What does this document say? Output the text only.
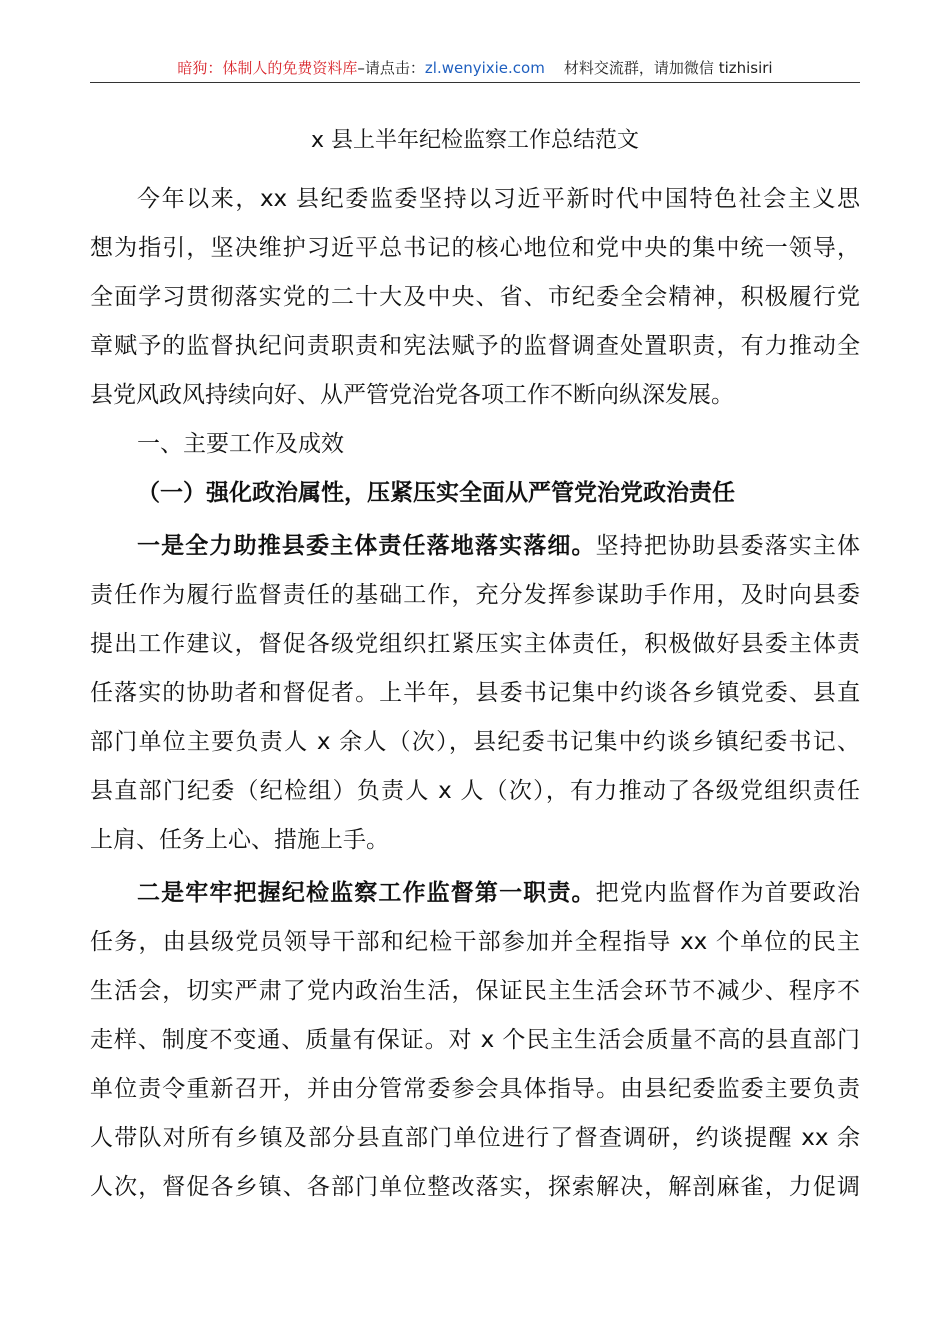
暗狗：体制人的免费资料库–请点击：zl.wenyixie.com 材料交流群，请加微信 tizhisiri
x 县上半年纪检监察工作总结范文
今年以来，xx 县纪委监委坚持以习近平新时代中国特色社会主义思
想为指引，坚决维护习近平总书记的核心地位和党中央的集中统一领导，
全面学习贯彻落实党的二十大及中央、省、市纪委全会精神，积极履行党
章赋予的监督执纪问责职责和宪法赋予的监督调查处置职责，有力推动全
县党风政风持续向好、从严管党治党各项工作不断向纵深发展。
一、主要工作及成效
（一）强化政治属性，压紧压实全面从严管党治党政治责任
一是全力助推县委主体责任落地落实落细。坚持把协助县委落实主体
责任作为履行监督责任的基础工作，充分发挥参谋助手作用，及时向县委
提出工作建议，督促各级党组织扛紧压实主体责任，积极做好县委主体责
任落实的协助者和督促者。上半年，县委书记集中约谈各乡镇党委、县直
部门单位主要负责人 x 余人（次），县纪委书记集中约谈乡镇纪委书记、
县直部门纪委（纪检组）负责人 x 人（次），有力推动了各级党组织责任
上肩、任务上心、措施上手。
二是牢牢把握纪检监察工作监督第一职责。把党内监督作为首要政治
任务，由县级党员领导干部和纪检干部参加并全程指导 xx 个单位的民主
生活会，切实严肃了党内政治生活，保证民主生活会环节不减少、程序不
走样、制度不变通、质量有保证。对 x 个民主生活会质量不高的县直部门
单位责令重新召开，并由分管常委参会具体指导。由县纪委监委主要负责
人带队对所有乡镇及部分县直部门单位进行了督查调研，约谈提醒 xx 余
人次，督促各乡镇、各部门单位整改落实，探索解决，解剖麻雀，力促调
